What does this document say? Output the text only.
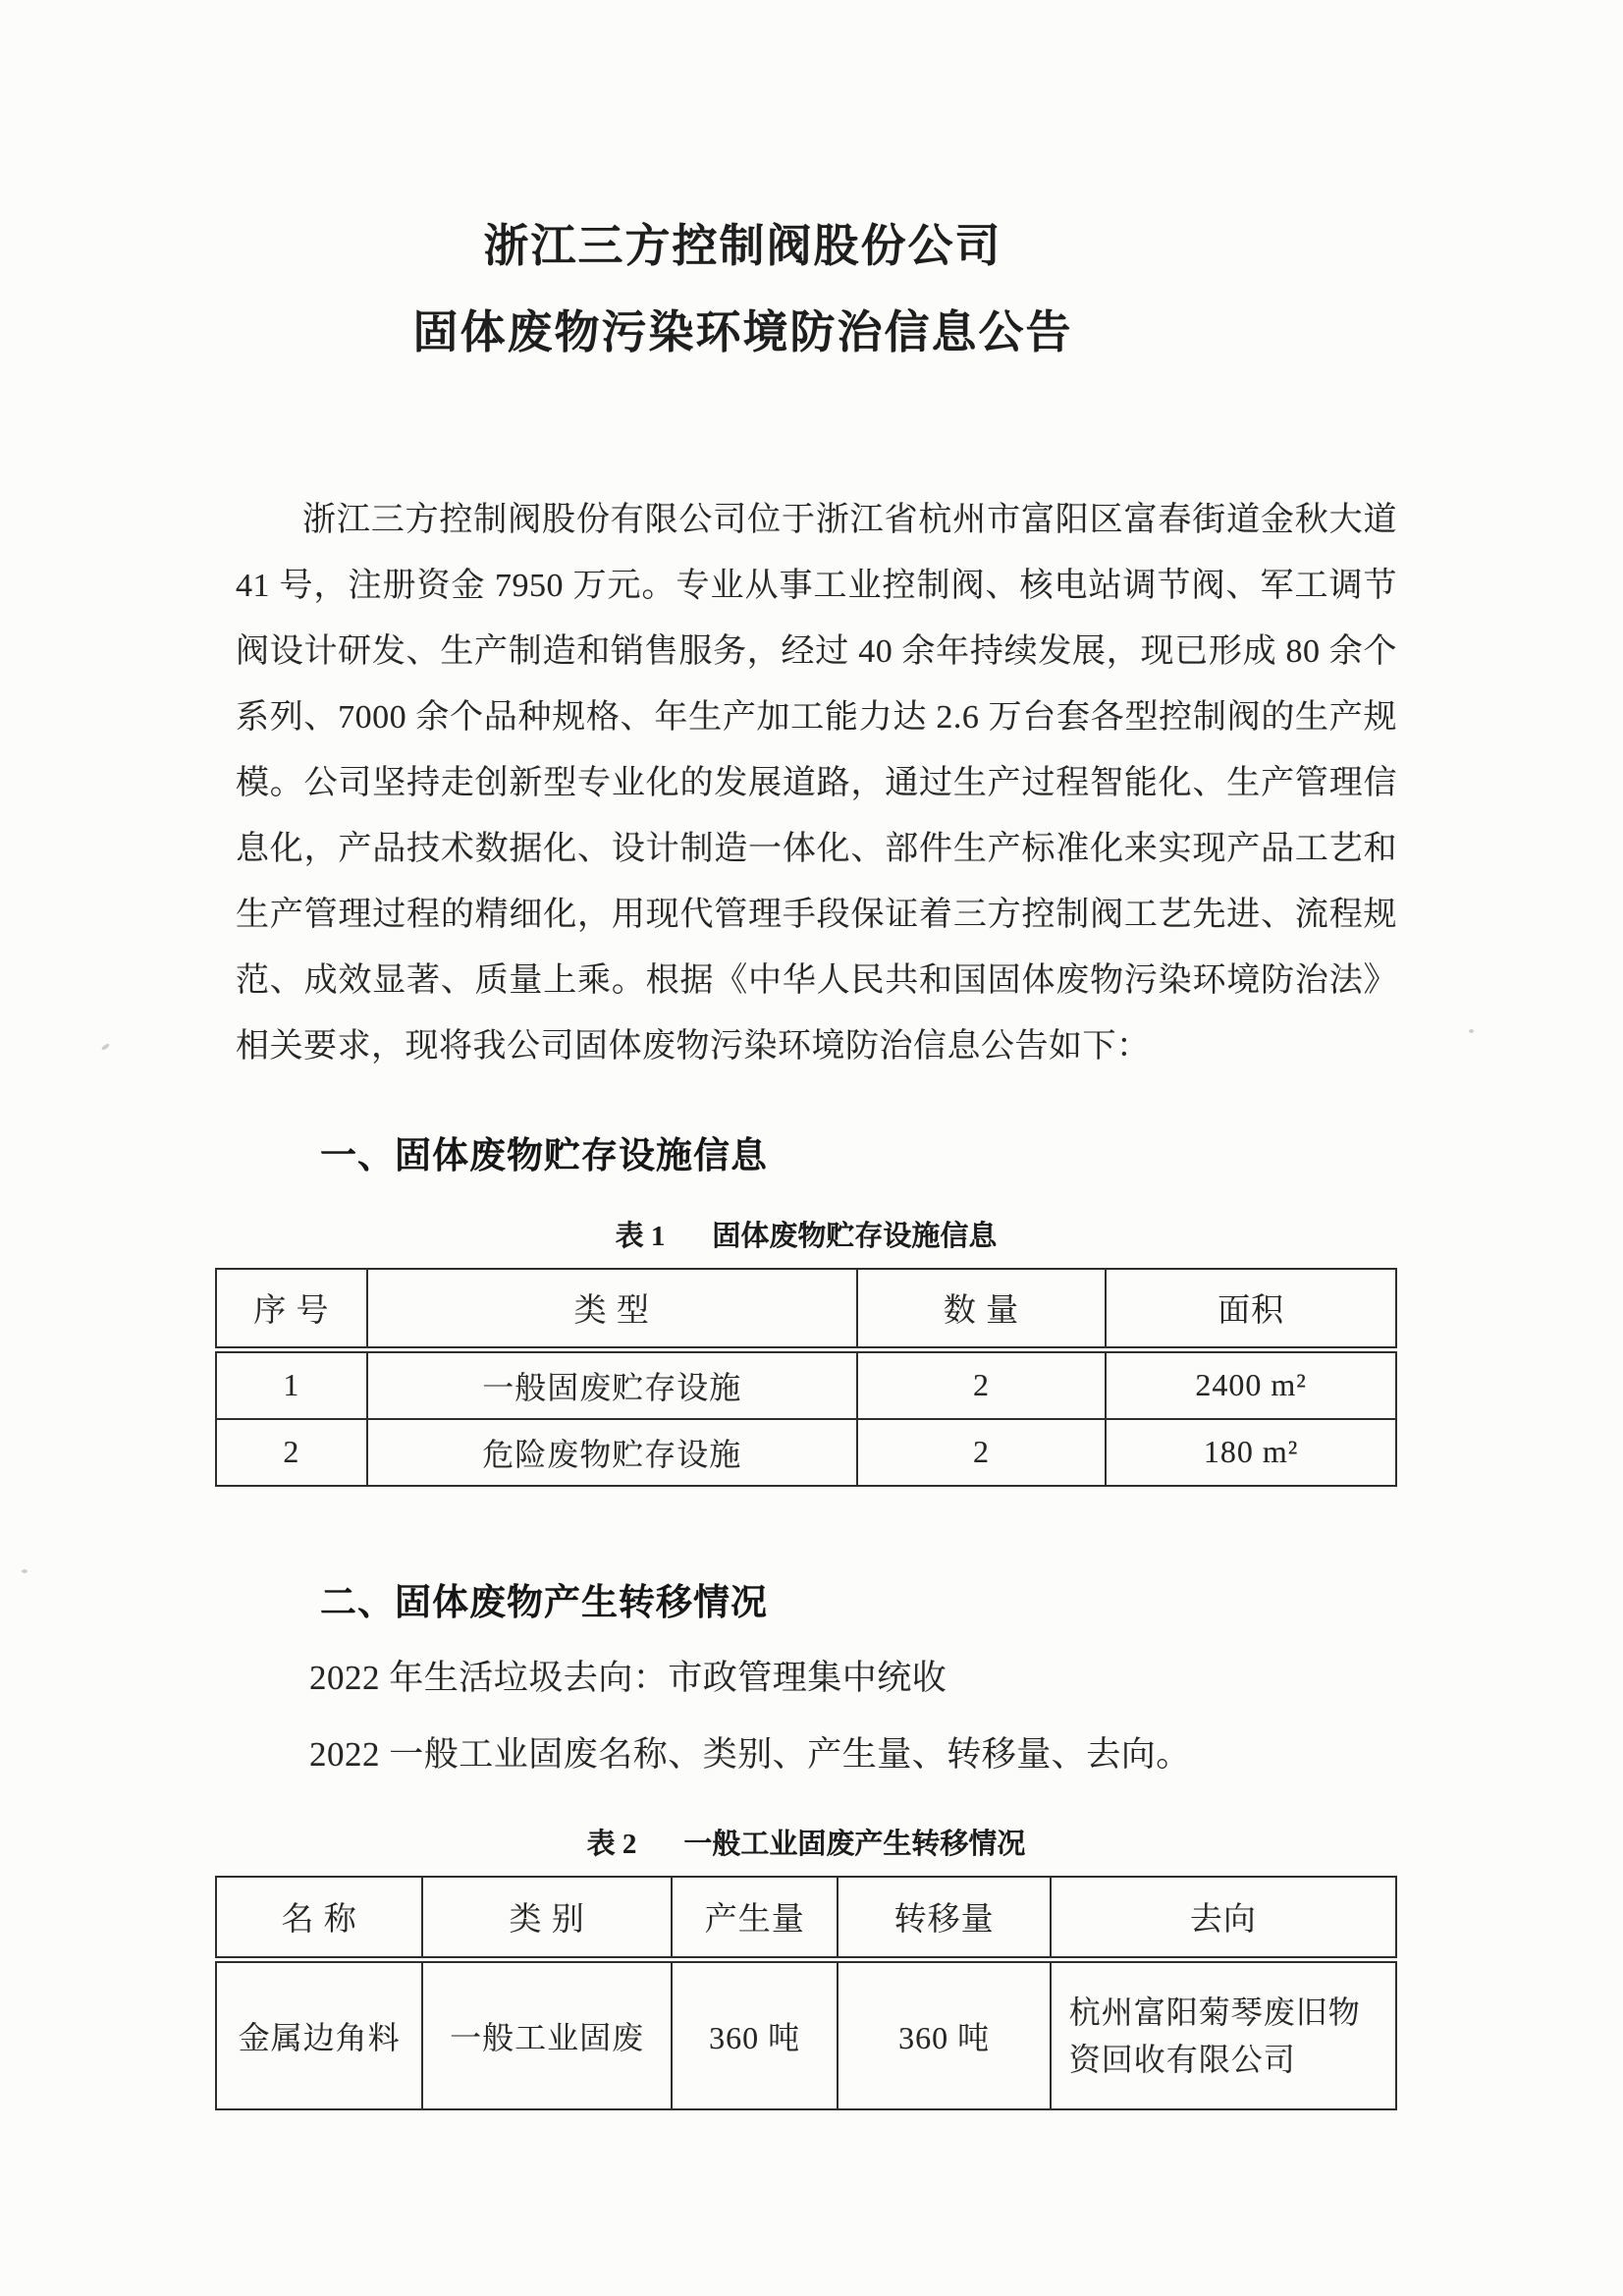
浙江三方控制阀股份公司
固体废物污染环境防治信息公告

浙江三方控制阀股份有限公司位于浙江省杭州市富阳区富春街道金秋大道 41 号，注册资金 7950 万元。专业从事工业控制阀、核电站调节阀、军工调节阀设计研发、生产制造和销售服务，经过 40 余年持续发展，现已形成 80 余个系列、7000 余个品种规格、年生产加工能力达 2.6 万台套各型控制阀的生产规模。公司坚持走创新型专业化的发展道路，通过生产过程智能化、生产管理信息化，产品技术数据化、设计制造一体化、部件生产标准化来实现产品工艺和生产管理过程的精细化，用现代管理手段保证着三方控制阀工艺先进、流程规范、成效显著、质量上乘。根据《中华人民共和国固体废物污染环境防治法》相关要求，现将我公司固体废物污染环境防治信息公告如下：

一、固体废物贮存设施信息
表 1 固体废物贮存设施信息
序 号	类 型	数 量	面积
1	一般固废贮存设施	2	2400 m²
2	危险废物贮存设施	2	180 m²
二、固体废物产生转移情况
2022 年生活垃圾去向：市政管理集中统收
2022 一般工业固废名称、类别、产生量、转移量、去向。
表 2 一般工业固废产生转移情况
名 称	类 别	产生量	转移量	去向
金属边角料	一般工业固废	360 吨	360 吨	杭州富阳菊琴废旧物资回收有限公司
